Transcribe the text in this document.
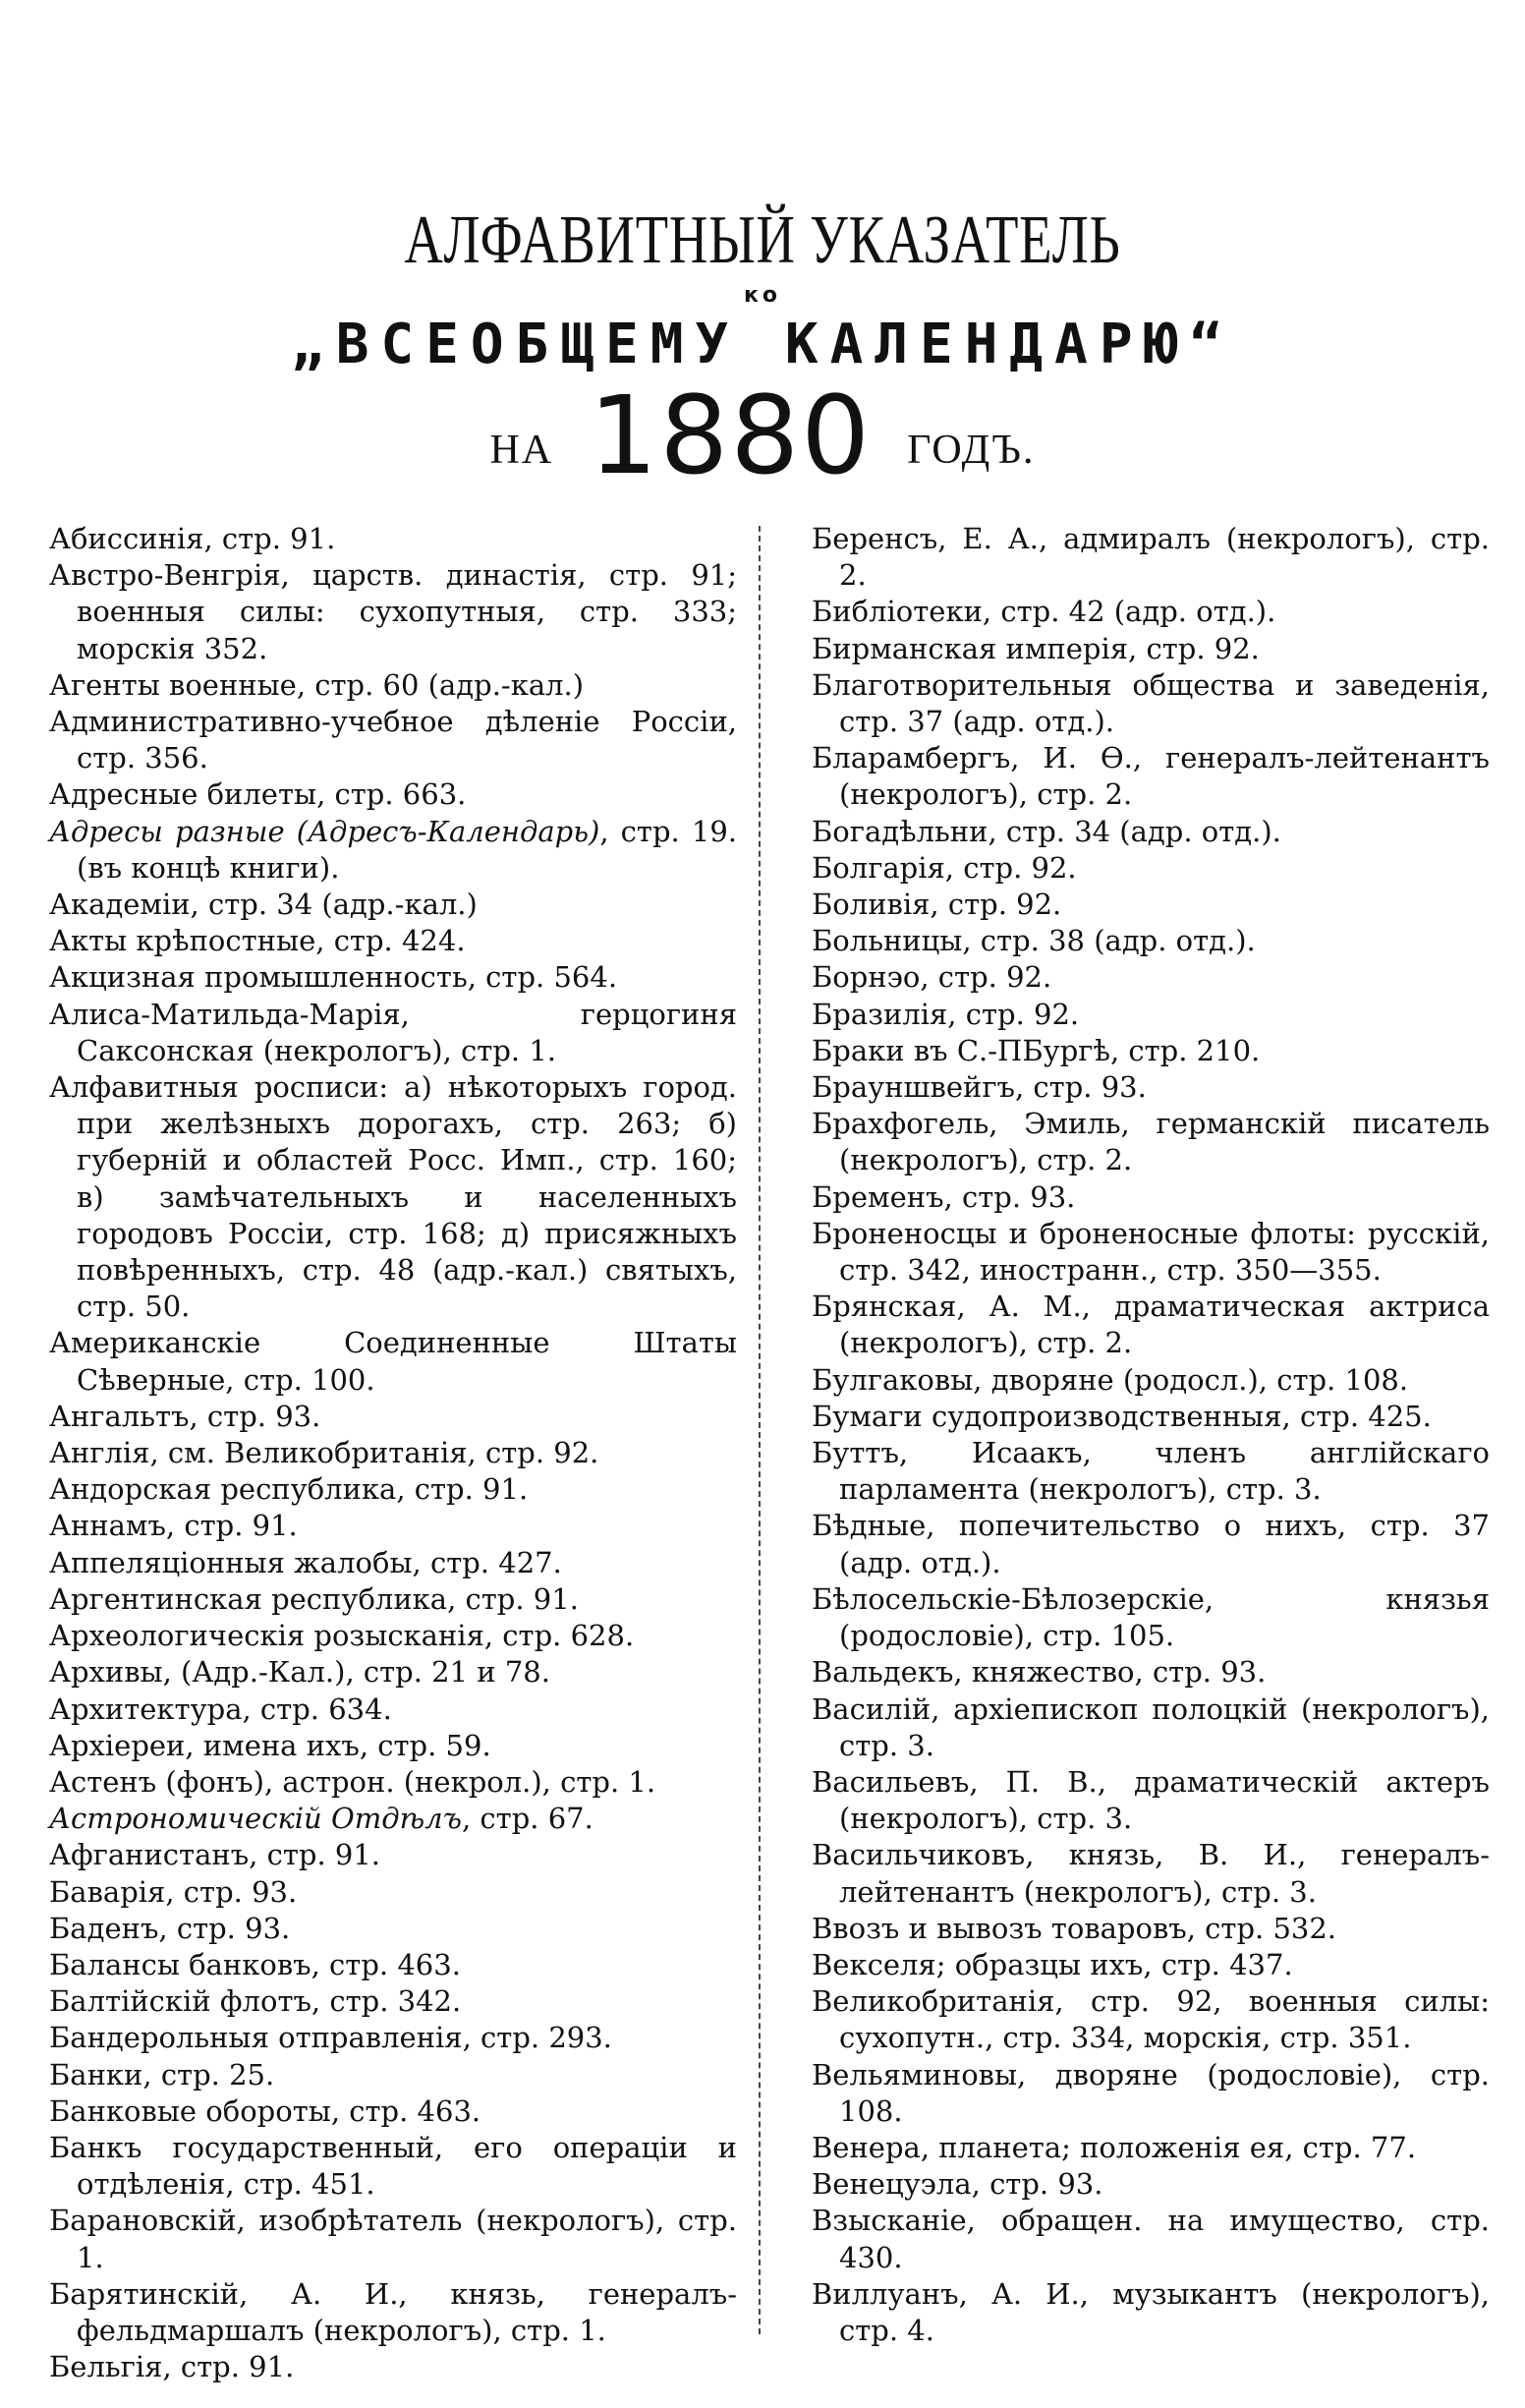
АЛФАВИТНЫЙ УКАЗАТЕЛЬ
ко
„ВСЕОБЩЕМУ КАЛЕНДАРЮ“
НА 1880 ГОДЪ.

Абиссинія, стр. 91.

Австро-Венгрія, царств. династія, стр. 91; военныя силы: сухопутныя, стр. 333; морскія 352.

Агенты военные, стр. 60 (адр.-кал.)

Административно-учебное дѣленіе Россіи, стр. 356.

Адресные билеты, стр. 663.

Адресы разные (Адресъ-Календарь), стр. 19. (въ концѣ книги).

Академіи, стр. 34 (адр.-кал.)

Акты крѣпостные, стр. 424.

Акцизная промышленность, стр. 564.

Алиса-Матильда-Марія, герцогиня Саксонская (некрологъ), стр. 1.

Алфавитныя росписи: а) нѣкоторыхъ город. при желѣзныхъ дорогахъ, стр. 263; б) губерній и областей Росс. Имп., стр. 160; в) замѣчательныхъ и населенныхъ городовъ Россіи, стр. 168; д) присяжныхъ повѣренныхъ, стр. 48 (адр.-кал.) святыхъ, стр. 50.

Американскіе Соединенные Штаты Сѣверные, стр. 100.

Ангальтъ, стр. 93.

Англія, см. Великобританія, стр. 92.

Андорская республика, стр. 91.

Аннамъ, стр. 91.

Аппеляціонныя жалобы, стр. 427.

Аргентинская республика, стр. 91.

Археологическія розысканія, стр. 628.

Архивы, (Адр.-Кал.), стр. 21 и 78.

Архитектура, стр. 634.

Архіереи, имена ихъ, стр. 59.

Астенъ (фонъ), астрон. (некрол.), стр. 1.

Астрономическій Отдѣлъ, стр. 67.

Афганистанъ, стр. 91.

Баварія, стр. 93.

Баденъ, стр. 93.

Балансы банковъ, стр. 463.

Балтійскій флотъ, стр. 342.

Бандерольныя отправленія, стр. 293.

Банки, стр. 25.

Банковые обороты, стр. 463.

Банкъ государственный, его операціи и отдѣленія, стр. 451.

Барановскій, изобрѣтатель (некрологъ), стр. 1.

Барятинскій, А. И., князь, генералъ-фельдмаршалъ (некрологъ), стр. 1.

Бельгія, стр. 91.

Беренсъ, Е. А., адмиралъ (некрологъ), стр. 2.

Библіотеки, стр. 42 (адр. отд.).

Бирманская имперія, стр. 92.

Благотворительныя общества и заведенія, стр. 37 (адр. отд.).

Бларамбергъ, И. Ѳ., генералъ-лейтенантъ (некрологъ), стр. 2.

Богадѣльни, стр. 34 (адр. отд.).

Болгарія, стр. 92.

Боливія, стр. 92.

Больницы, стр. 38 (адр. отд.).

Борнэо, стр. 92.

Бразилія, стр. 92.

Браки въ С.-ПБургѣ, стр. 210.

Брауншвейгъ, стр. 93.

Брахфогель, Эмиль, германскій писатель (некрологъ), стр. 2.

Бременъ, стр. 93.

Броненосцы и броненосные флоты: русскій, стр. 342, иностранн., стр. 350—355.

Брянская, А. М., драматическая актриса (некрологъ), стр. 2.

Булгаковы, дворяне (родосл.), стр. 108.

Бумаги судопроизводственныя, стр. 425.

Буттъ, Исаакъ, членъ англійскаго парламента (некрологъ), стр. 3.

Бѣдные, попечительство о нихъ, стр. 37 (адр. отд.).

Бѣлосельскіе-Бѣлозерскіе, князья (родословіе), стр. 105.

Вальдекъ, княжество, стр. 93.

Василій, архіепископ полоцкій (некрологъ), стр. 3.

Васильевъ, П. В., драматическій актеръ (некрологъ), стр. 3.

Васильчиковъ, князь, В. И., генералъ-лейтенантъ (некрологъ), стр. 3.

Ввозъ и вывозъ товаровъ, стр. 532.

Векселя; образцы ихъ, стр. 437.

Великобританія, стр. 92, военныя силы: сухопутн., стр. 334, морскія, стр. 351.

Вельяминовы, дворяне (родословіе), стр. 108.

Венера, планета; положенія ея, стр. 77.

Венецуэла, стр. 93.

Взысканіе, обращен. на имущество, стр. 430.

Виллуанъ, А. И., музыкантъ (некрологъ), стр. 4.
